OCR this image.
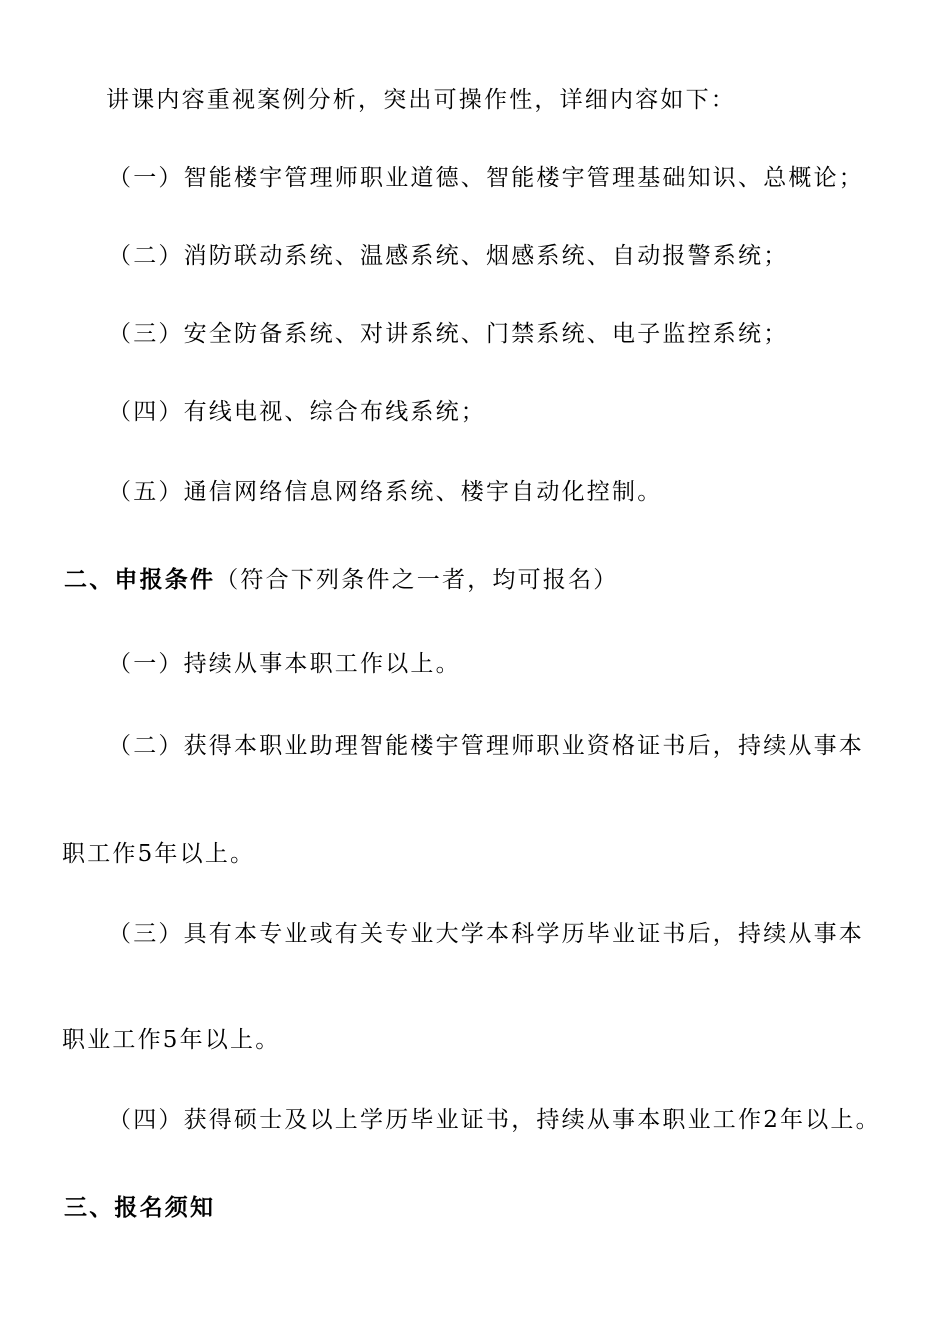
讲课内容重视案例分析，突出可操作性，详细内容如下：
（一）智能楼宇管理师职业道德、智能楼宇管理基础知识、总概论；
（二）消防联动系统、温感系统、烟感系统、自动报警系统；
（三）安全防备系统、对讲系统、门禁系统、电子监控系统；
（四）有线电视、综合布线系统；
（五）通信网络信息网络系统、楼宇自动化控制。
二、申报条件（符合下列条件之一者，均可报名）
（一）持续从事本职工作以上。
（二）获得本职业助理智能楼宇管理师职业资格证书后，持续从事本
职工作5年以上。
（三）具有本专业或有关专业大学本科学历毕业证书后，持续从事本
职业工作5年以上。
（四）获得硕士及以上学历毕业证书，持续从事本职业工作2年以上。
三、报名须知
